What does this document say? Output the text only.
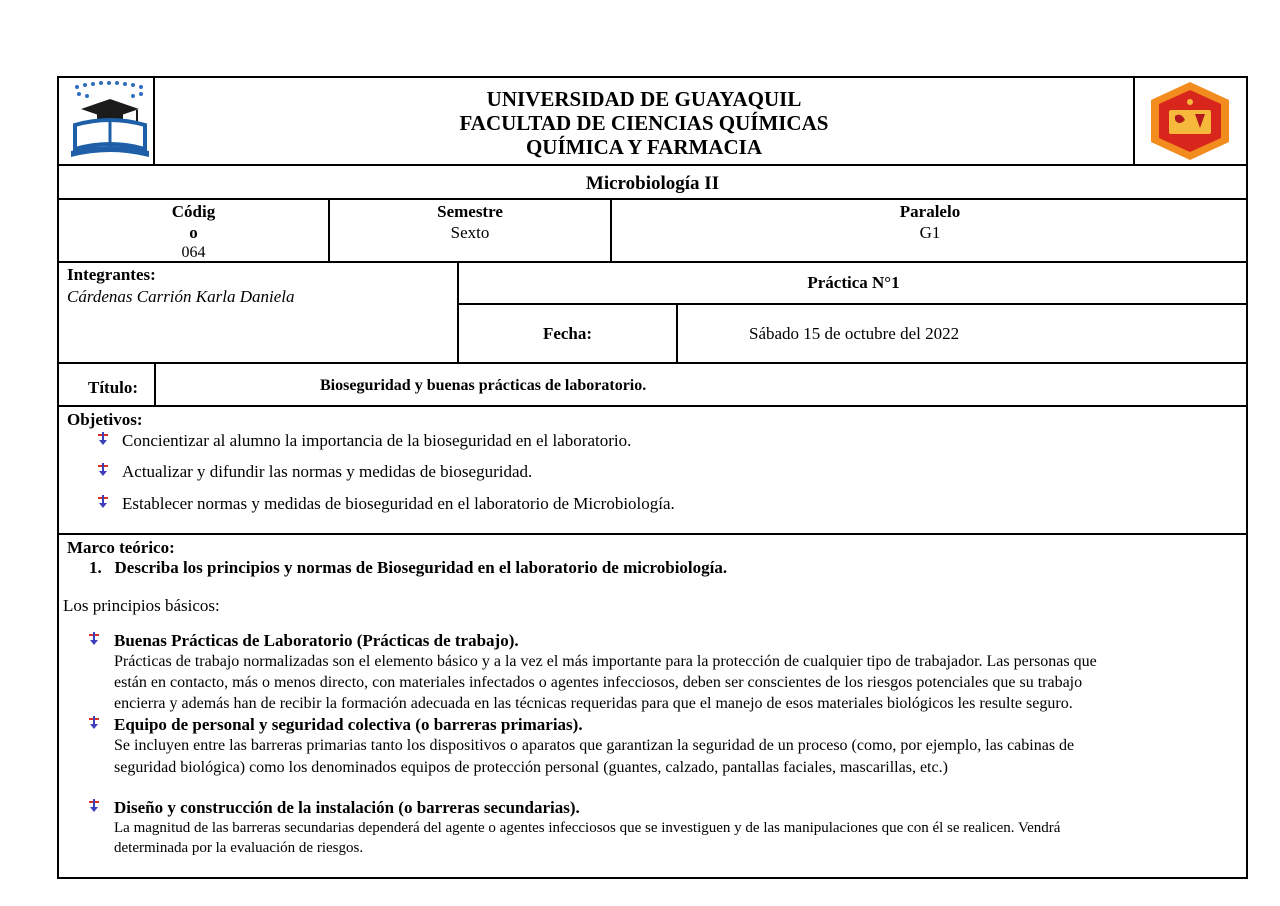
UNIVERSIDAD DE GUAYAQUIL
FACULTAD DE CIENCIAS QUÍMICAS
QUÍMICA Y FARMACIA
Microbiología II
Códig
o
064
Semestre
Sexto
Paralelo
G1
Integrantes:
Cárdenas Carrión Karla Daniela
Práctica N°1
Fecha:	Sábado 15 de octubre del 2022
Título:	Bioseguridad y buenas prácticas de laboratorio.
Objetivos:
Concientizar al alumno la importancia de la bioseguridad en el laboratorio.
Actualizar y difundir las normas y medidas de bioseguridad.
Establecer normas y medidas de bioseguridad en el laboratorio de Microbiología.
Marco teórico:
1.   Describa los principios y normas de Bioseguridad en el laboratorio de microbiología.
Los principios básicos:
Buenas Prácticas de Laboratorio (Prácticas de trabajo).
Prácticas de trabajo normalizadas son el elemento básico y a la vez el más importante para la protección de cualquier tipo de trabajador. Las personas que
están en contacto, más o menos directo, con materiales infectados o agentes infecciosos, deben ser conscientes de los riesgos potenciales que su trabajo
encierra y además han de recibir la formación adecuada en las técnicas requeridas para que el manejo de esos materiales biológicos les resulte seguro.
Equipo de personal y seguridad colectiva (o barreras primarias).
Se incluyen entre las barreras primarias tanto los dispositivos o aparatos que garantizan la seguridad de un proceso (como, por ejemplo, las cabinas de
seguridad biológica) como los denominados equipos de protección personal (guantes, calzado, pantallas faciales, mascarillas, etc.)
Diseño y construcción de la instalación (o barreras secundarias).
La magnitud de las barreras secundarias dependerá del agente o agentes infecciosos que se investiguen y de las manipulaciones que con él se realicen. Vendrá
determinada por la evaluación de riesgos.
